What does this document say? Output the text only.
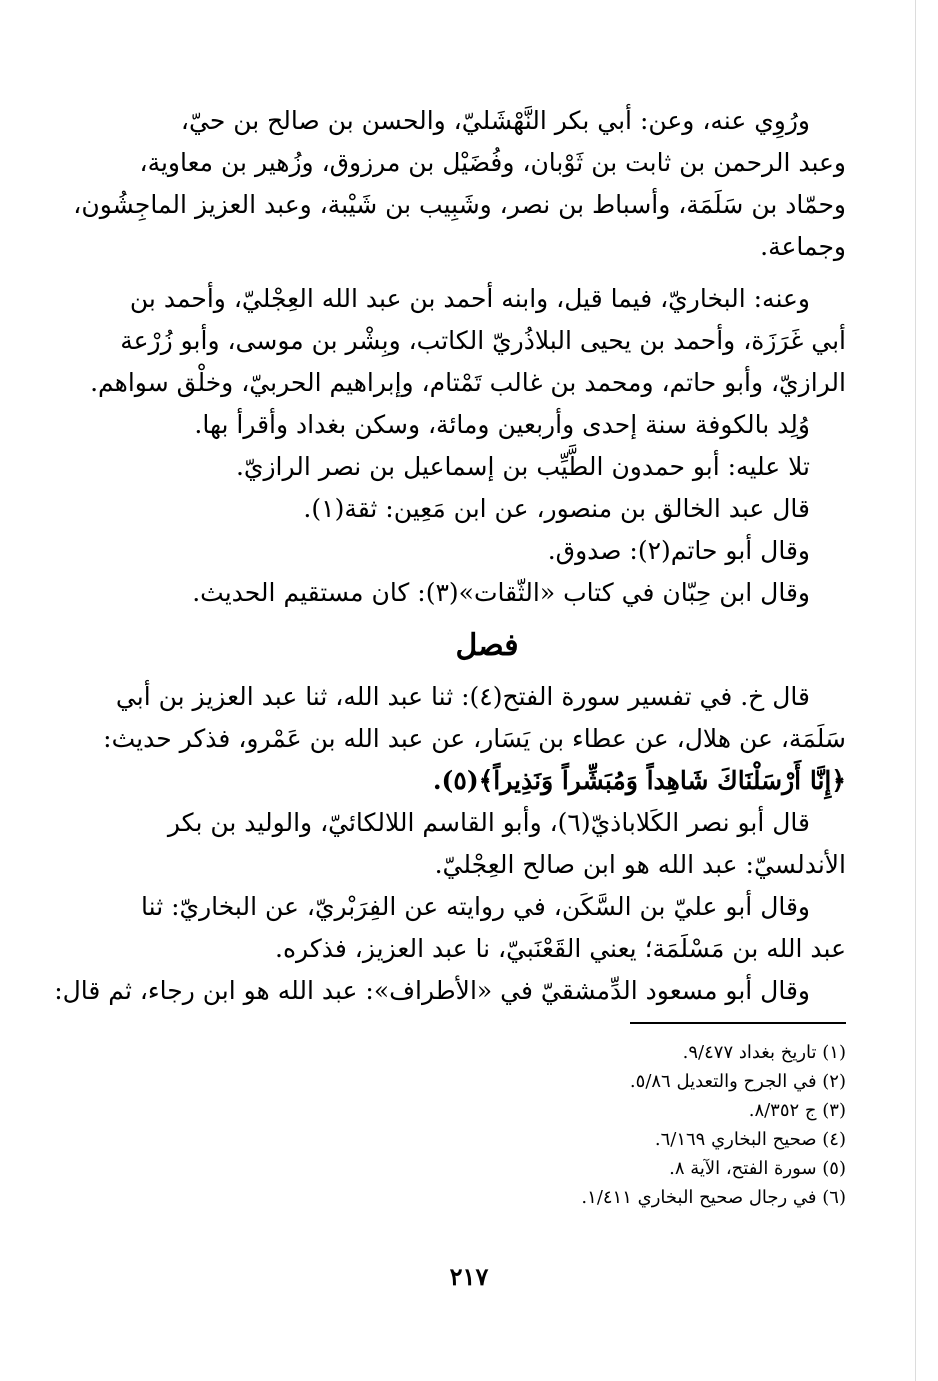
ورُوِي عنه، وعن: أبي بكر النَّهْشَليّ، والحسن بن صالح بن حيّ،
وعبد الرحمن بن ثابت بن ثَوْبان، وفُضَيْل بن مرزوق، وزُهير بن معاوية،
وحمّاد بن سَلَمَة، وأسباط بن نصر، وشَبِيب بن شَيْبة، وعبد العزيز الماجِشُون،
وجماعة.
وعنه: البخاريّ، فيما قيل، وابنه أحمد بن عبد الله العِجْليّ، وأحمد بن
أبي غَرَزَة، وأحمد بن يحيى البلاذُريّ الكاتب، وبِشْر بن موسى، وأبو زُرْعة
الرازيّ، وأبو حاتم، ومحمد بن غالب تَمْتام، وإبراهيم الحربيّ، وخلْق سواهم.
وُلِد بالكوفة سنة إحدى وأربعين ومائة، وسكن بغداد وأقرأ بها.
تلا عليه: أبو حمدون الطَّيِّب بن إسماعيل بن نصر الرازيّ.
قال عبد الخالق بن منصور، عن ابن مَعِين: ثقة(١).
وقال أبو حاتم(٢): صدوق.
وقال ابن حِبّان في كتاب «الثّقات»(٣): كان مستقيم الحديث.
فصل
قال خ. في تفسير سورة الفتح(٤): ثنا عبد الله، ثنا عبد العزيز بن أبي
سَلَمَة، عن هلال، عن عطاء بن يَسَار، عن عبد الله بن عَمْرو، فذكر حديث:
﴿إِنَّا أَرْسَلْنَاكَ شَاهِداً وَمُبَشِّراً وَنَذِيراً﴾(٥).
قال أبو نصر الكَلاباذيّ(٦)، وأبو القاسم اللالكائيّ، والوليد بن بكر
الأندلسيّ: عبد الله هو ابن صالح العِجْليّ.
وقال أبو عليّ بن السَّكَن، في روايته عن الفِرَبْريّ، عن البخاريّ: ثنا
عبد الله بن مَسْلَمَة؛ يعني القَعْنَبيّ، نا عبد العزيز، فذكره.
وقال أبو مسعود الدِّمشقيّ في «الأطراف»: عبد الله هو ابن رجاء، ثم قال:
(١) تاريخ بغداد ٩/٤٧٧.
(٢) في الجرح والتعديل ٥/٨٦.
(٣) ج ٨/٣٥٢.
(٤) صحيح البخاري ٦/١٦٩.
(٥) سورة الفتح، الآية ٨.
(٦) في رجال صحيح البخاري ١/٤١١.
٢١٧
